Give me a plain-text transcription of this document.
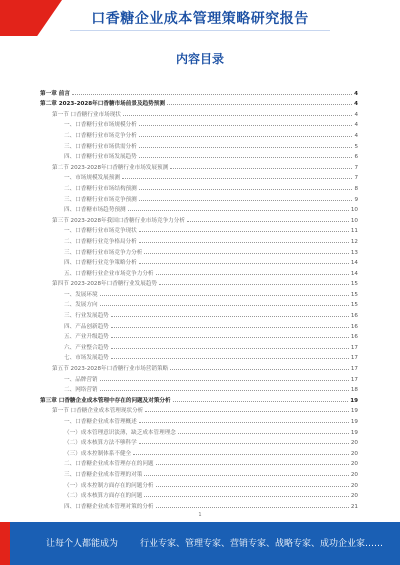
口香糖企业成本管理策略研究报告
内容目录
第一章 前言	4
第二章 2023-2028年口香糖市场前景及趋势预测	4
第一节 口香糖行业市场现状	4
一、口香糖行业市场规模分析	4
二、口香糖行业市场竞争分析	4
三、口香糖行业市场供需分析	5
四、口香糖行业市场发展趋势	6
第二节 2023-2028年口香糖行业市场发展预测	7
一、市场规模发展预测	7
二、口香糖行业市场结构预测	8
三、口香糖行业市场竞争预测	9
四、口香糖市场趋势预测	10
第三节 2023-2028年我国口香糖行业市场竞争力分析	10
一、口香糖行业市场竞争现状	11
二、口香糖行业竞争格局分析	12
三、口香糖行业市场竞争力分析	13
四、口香糖行业竞争策略分析	14
五、口香糖行业企业市场竞争力分析	14
第四节 2023-2028年口香糖行业发展趋势	15
一、发展环境	15
二、发展方向	15
三、行业发展趋势	16
四、产品创新趋势	16
五、产业升级趋势	16
六、产业整合趋势	17
七、市场发展趋势	17
第五节 2023-2028年口香糖行业市场营销策略	17
一、品牌营销	17
二、网络营销	18
第三章 口香糖企业成本管理中存在的问题及对策分析	19
第一节 口香糖企业成本管理现状分析	19
一、口香糖企业成本管理概述	19
（一）成本管理意识淡薄，缺乏成本管理理念	19
（二）成本核算方法不够科学	20
（三）成本控制体系不健全	20
二、口香糖企业成本管理存在的问题	20
三、口香糖企业成本管理的对策	20
（一）成本控制方面存在的问题分析	20
（二）成本核算方面存在的问题	20
四、口香糖企业成本管理对策的分析	21
1
让每个人都能成为 行业专家、管理专家、营销专家、战略专家、成功企业家……
